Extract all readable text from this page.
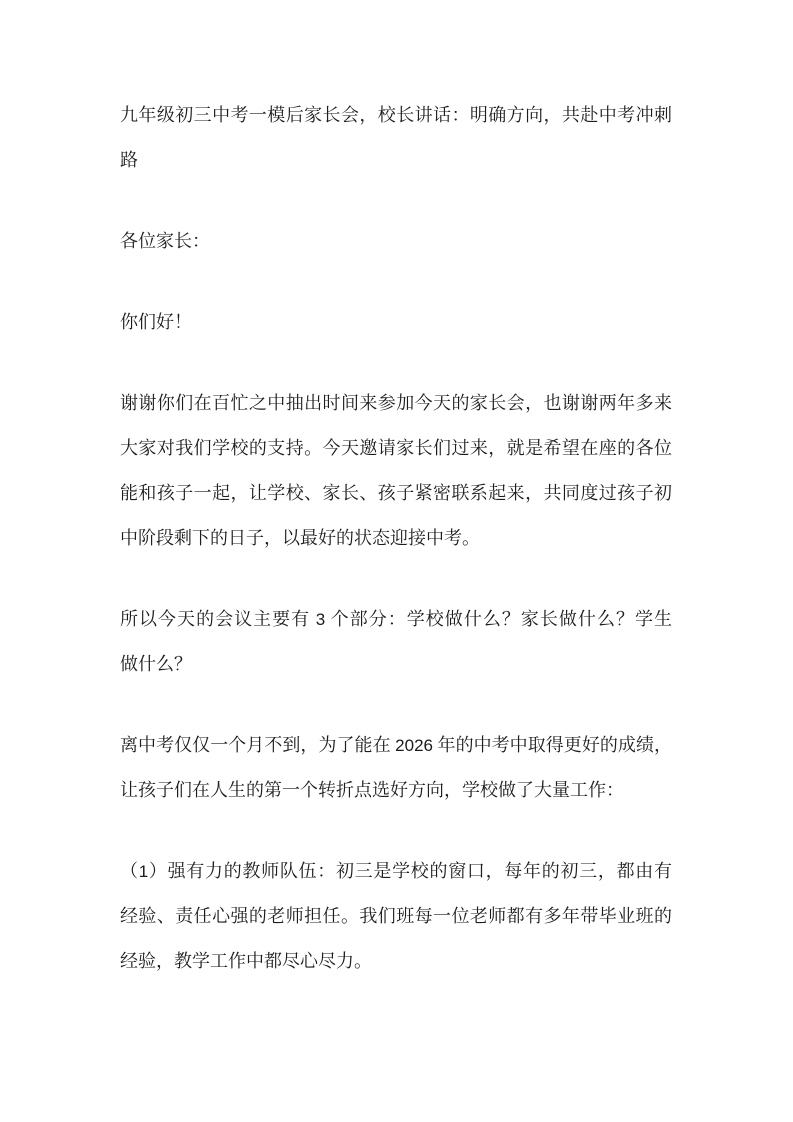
九年级初三中考一模后家长会，校长讲话：明确方向，共赴中考冲刺
路
各位家长：
你们好！
谢谢你们在百忙之中抽出时间来参加今天的家长会，也谢谢两年多来
大家对我们学校的支持。今天邀请家长们过来，就是希望在座的各位
能和孩子一起，让学校、家长、孩子紧密联系起来，共同度过孩子初
中阶段剩下的日子，以最好的状态迎接中考。
所以今天的会议主要有 3 个部分：学校做什么？家长做什么？学生
做什么？
离中考仅仅一个月不到，为了能在 2026 年的中考中取得更好的成绩，
让孩子们在人生的第一个转折点选好方向，学校做了大量工作：
（1）强有力的教师队伍：初三是学校的窗口，每年的初三，都由有
经验、责任心强的老师担任。我们班每一位老师都有多年带毕业班的
经验，教学工作中都尽心尽力。
